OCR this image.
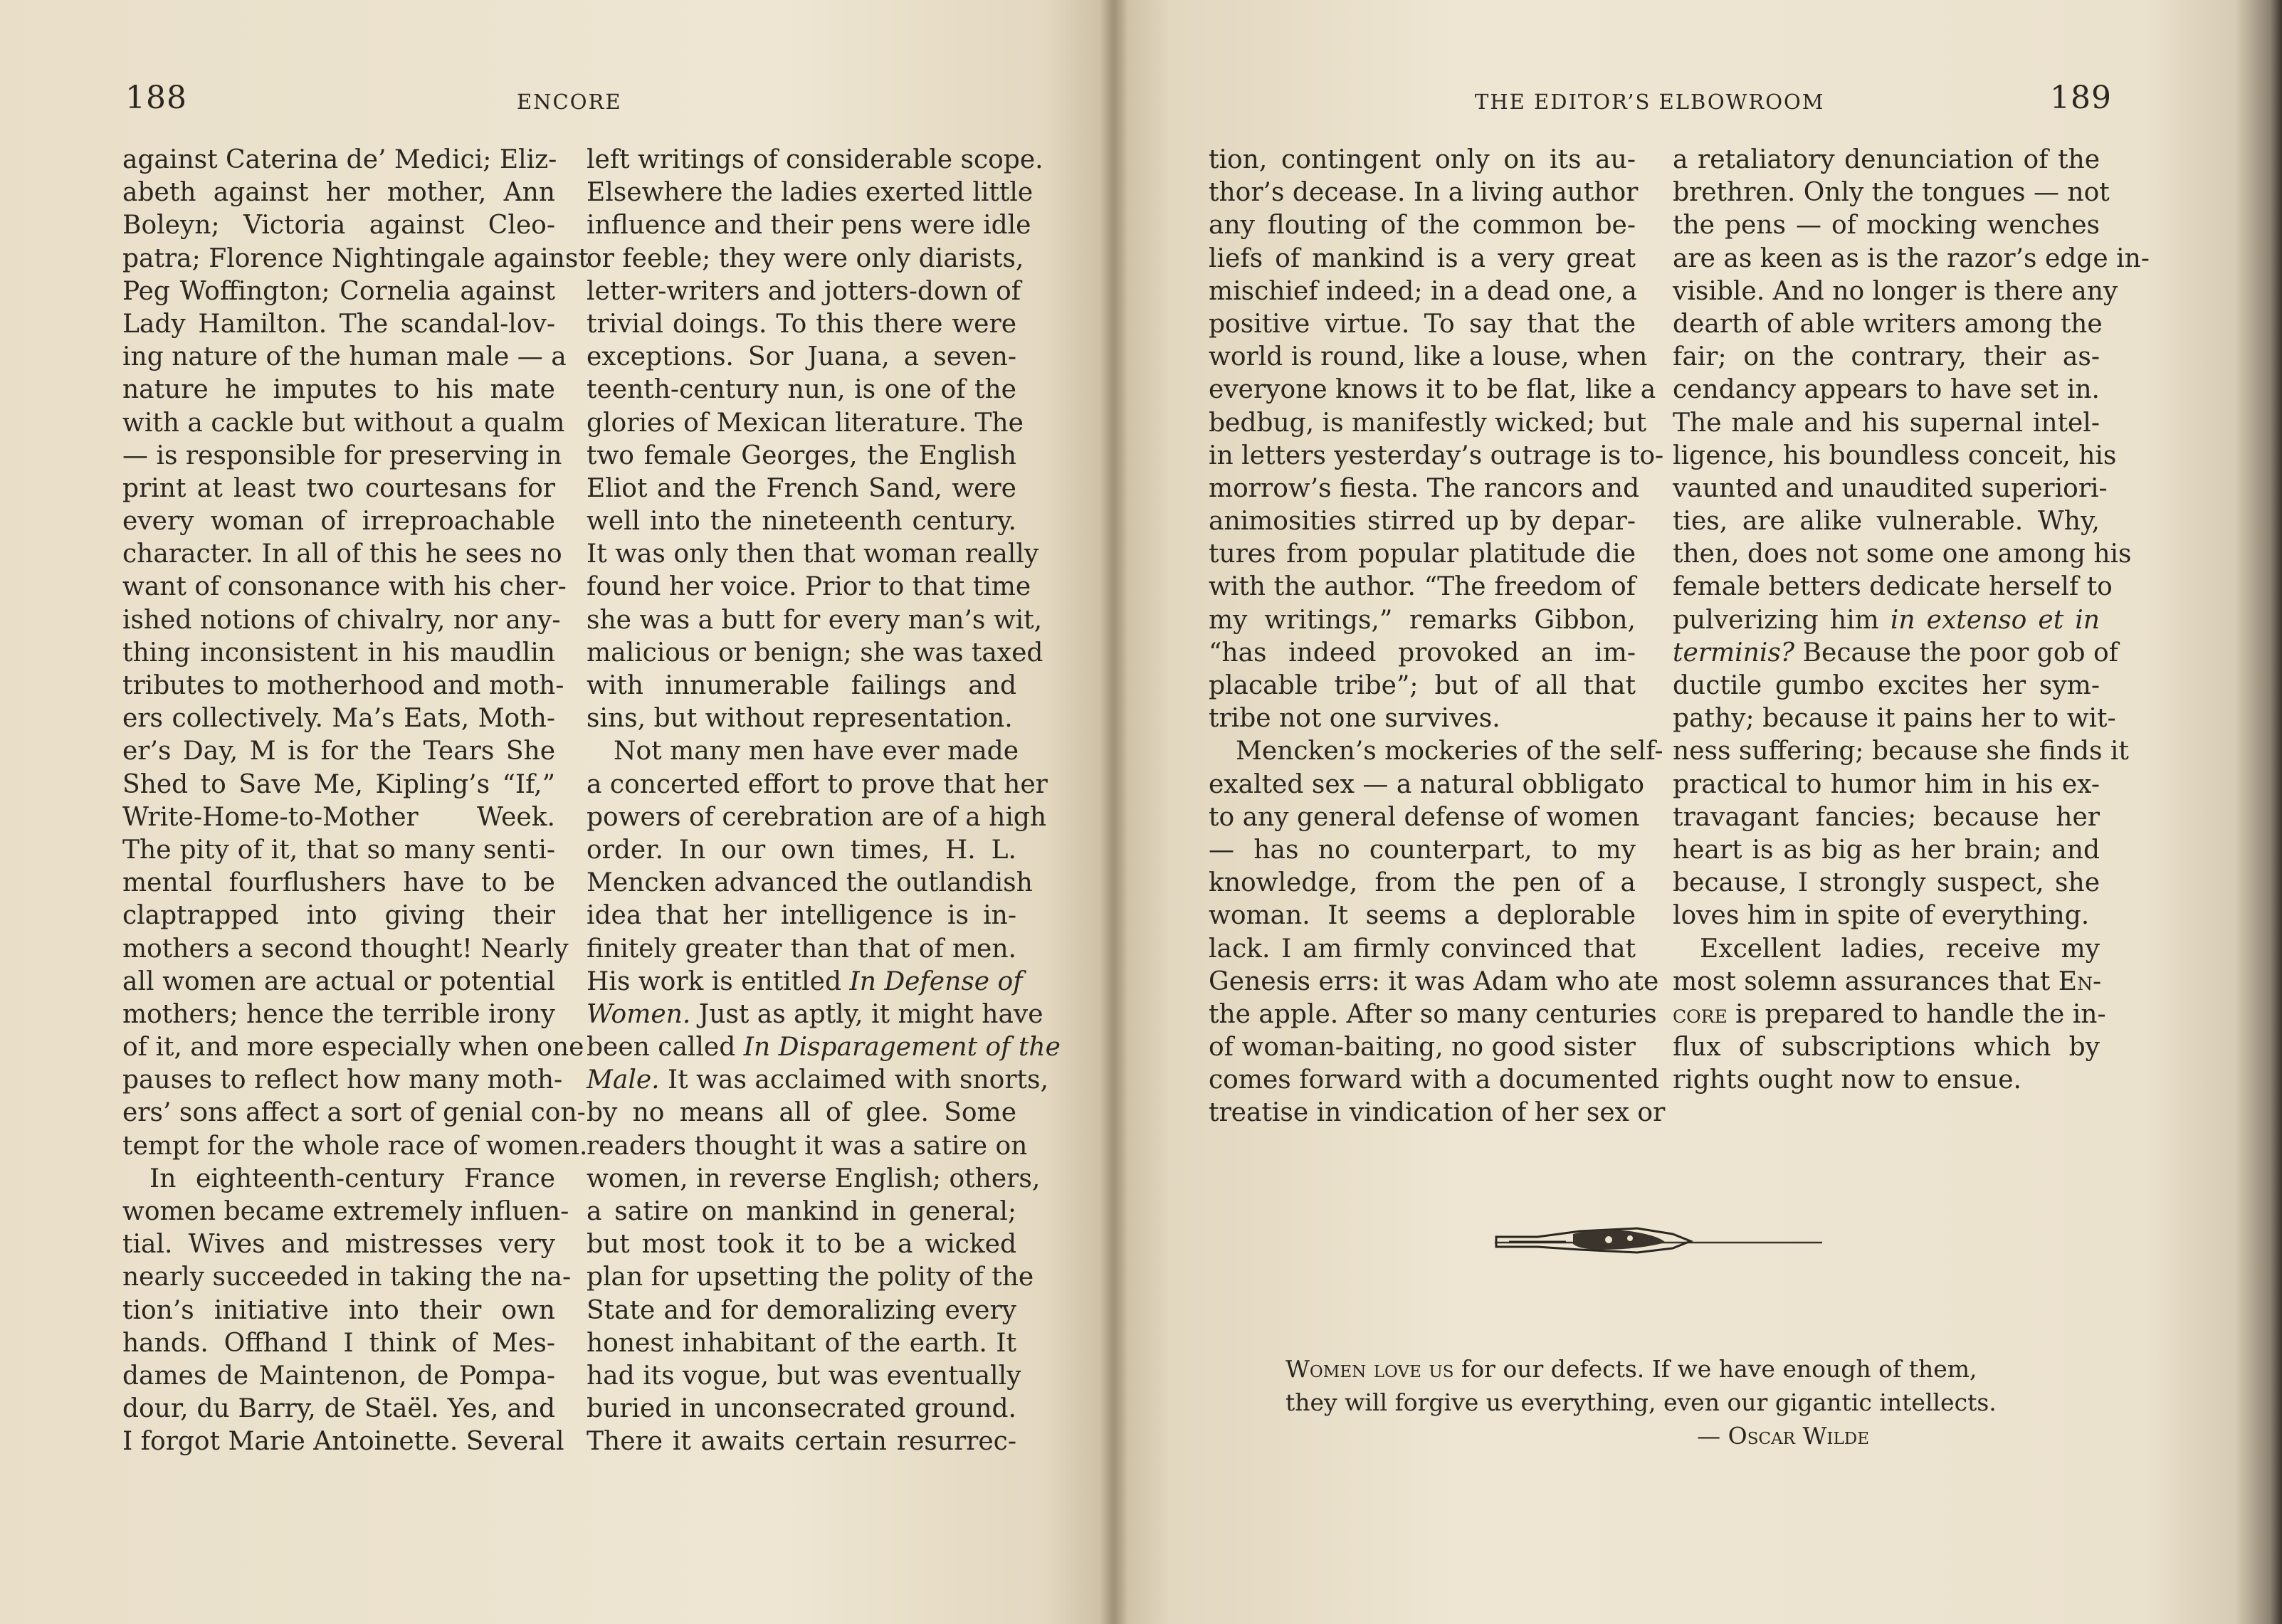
188	ENCORE
against Caterina de’ Medici; Eliz-
abeth against her mother, Ann
Boleyn; Victoria against Cleo-
patra; Florence Nightingale against
Peg Woffington; Cornelia against
Lady Hamilton. The scandal-lov-
ing nature of the human male — a
nature he imputes to his mate
with a cackle but without a qualm
— is responsible for preserving in
print at least two courtesans for
every woman of irreproachable
character. In all of this he sees no
want of consonance with his cher-
ished notions of chivalry, nor any-
thing inconsistent in his maudlin
tributes to motherhood and moth-
ers collectively. Ma’s Eats, Moth-
er’s Day, M is for the Tears She
Shed to Save Me, Kipling’s “If,”
Write-Home-to-Mother Week.
The pity of it, that so many senti-
mental fourflushers have to be
claptrapped into giving their
mothers a second thought! Nearly
all women are actual or potential
mothers; hence the terrible irony
of it, and more especially when one
pauses to reflect how many moth-
ers’ sons affect a sort of genial con-
tempt for the whole race of women.
In eighteenth-century France
women became extremely influen-
tial. Wives and mistresses very
nearly succeeded in taking the na-
tion’s initiative into their own
hands. Offhand I think of Mes-
dames de Maintenon, de Pompa-
dour, du Barry, de Staël. Yes, and
I forgot Marie Antoinette. Several
left writings of considerable scope.
Elsewhere the ladies exerted little
influence and their pens were idle
or feeble; they were only diarists,
letter-writers and jotters-down of
trivial doings. To this there were
exceptions. Sor Juana, a seven-
teenth-century nun, is one of the
glories of Mexican literature. The
two female Georges, the English
Eliot and the French Sand, were
well into the nineteenth century.
It was only then that woman really
found her voice. Prior to that time
she was a butt for every man’s wit,
malicious or benign; she was taxed
with innumerable failings and
sins, but without representation.
Not many men have ever made
a concerted effort to prove that her
powers of cerebration are of a high
order. In our own times, H. L.
Mencken advanced the outlandish
idea that her intelligence is in-
finitely greater than that of men.
His work is entitled In Defense of
Women. Just as aptly, it might have
been called In Disparagement of the
Male. It was acclaimed with snorts,
by no means all of glee. Some
readers thought it was a satire on
women, in reverse English; others,
a satire on mankind in general;
but most took it to be a wicked
plan for upsetting the polity of the
State and for demoralizing every
honest inhabitant of the earth. It
had its vogue, but was eventually
buried in unconsecrated ground.
There it awaits certain resurrec-
THE EDITOR’S ELBOWROOM	189
tion, contingent only on its au-
thor’s decease. In a living author
any flouting of the common be-
liefs of mankind is a very great
mischief indeed; in a dead one, a
positive virtue. To say that the
world is round, like a louse, when
everyone knows it to be flat, like a
bedbug, is manifestly wicked; but
in letters yesterday’s outrage is to-
morrow’s fiesta. The rancors and
animosities stirred up by depar-
tures from popular platitude die
with the author. “The freedom of
my writings,” remarks Gibbon,
“has indeed provoked an im-
placable tribe”; but of all that
tribe not one survives.
Mencken’s mockeries of the self-
exalted sex — a natural obbligato
to any general defense of women
— has no counterpart, to my
knowledge, from the pen of a
woman. It seems a deplorable
lack. I am firmly convinced that
Genesis errs: it was Adam who ate
the apple. After so many centuries
of woman-baiting, no good sister
comes forward with a documented
treatise in vindication of her sex or
a retaliatory denunciation of the
brethren. Only the tongues — not
the pens — of mocking wenches
are as keen as is the razor’s edge in-
visible. And no longer is there any
dearth of able writers among the
fair; on the contrary, their as-
cendancy appears to have set in.
The male and his supernal intel-
ligence, his boundless conceit, his
vaunted and unaudited superiori-
ties, are alike vulnerable. Why,
then, does not some one among his
female betters dedicate herself to
pulverizing him in extenso et in
terminis? Because the poor gob of
ductile gumbo excites her sym-
pathy; because it pains her to wit-
ness suffering; because she finds it
practical to humor him in his ex-
travagant fancies; because her
heart is as big as her brain; and
because, I strongly suspect, she
loves him in spite of everything.
Excellent ladies, receive my
most solemn assurances that En-
core is prepared to handle the in-
flux of subscriptions which by
rights ought now to ensue.
Women love us for our defects. If we have enough of them,
they will forgive us everything, even our gigantic intellects.
— Oscar Wilde
